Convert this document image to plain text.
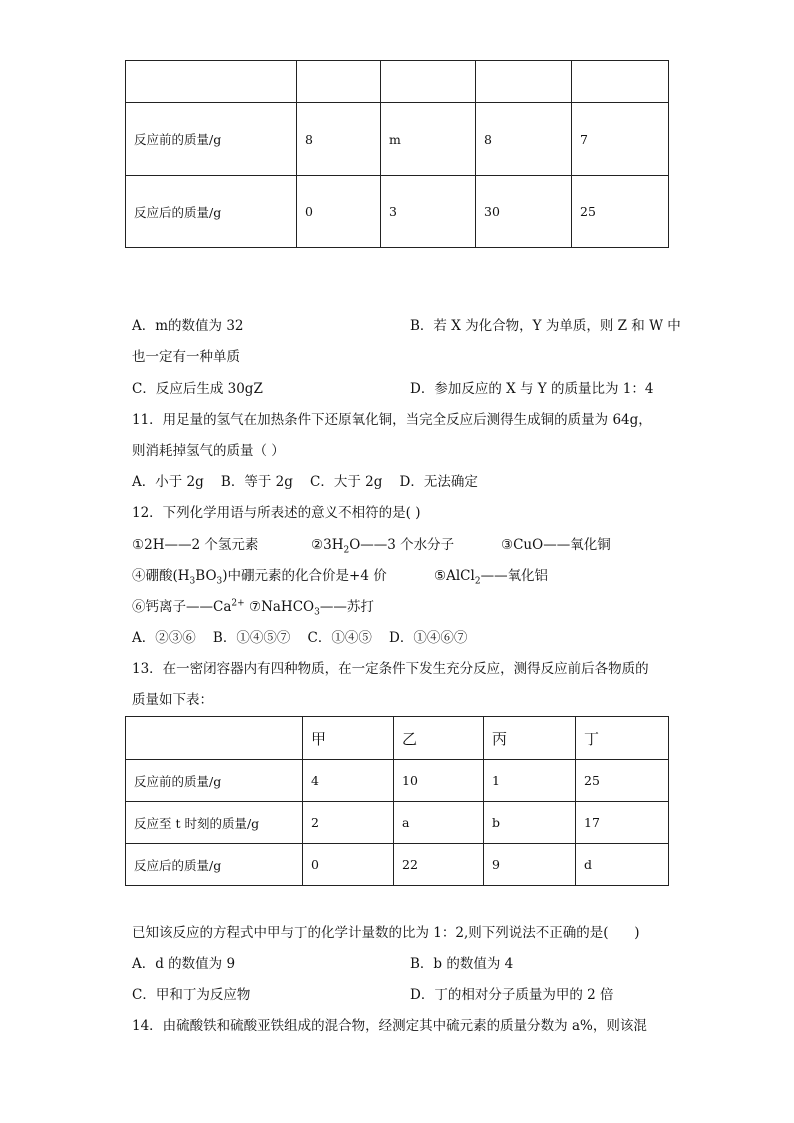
反应前的质量/g	8	m	8	7
反应后的质量/g	0	3	30	25
A．m的数值为 32	B．若 X 为化合物，Y 为单质，则 Z 和 W 中
也一定有一种单质
C．反应后生成 30gZ	D．参加反应的 X 与 Y 的质量比为 1：4
11．用足量的氢气在加热条件下还原氧化铜，当完全反应后测得生成铜的质量为 64g，
则消耗掉氢气的质量（ ）
A．小于 2g    B．等于 2g    C．大于 2g    D．无法确定
12．下列化学用语与所表述的意义不相符的是( )
①2H——2 个氢元素	$②3H_2O——3$ 个水分子	③CuO——氧化铜
④硼酸$(H_3BO_3)$中硼元素的化合价是+4 价	⑤AlCl$_2$——氧化铝
⑥钙离子$——Ca^{2+}$ ⑦NaHCO$_3$——苏打
A．②③⑥    B．①④⑤⑦    C．①④⑤    D．①④⑥⑦
13．在一密闭容器内有四种物质，在一定条件下发生充分反应，测得反应前后各物质的
质量如下表：
	甲	乙	丙	丁
反应前的质量/g	4	10	1	25
反应至 t 时刻的质量/g	2	a	b	17
反应后的质量/g	0	22	9	d
已知该反应的方程式中甲与丁的化学计量数的比为 1：2,则下列说法不正确的是(      )
A．d 的数值为 9	B．b 的数值为 4
C．甲和丁为反应物	D．丁的相对分子质量为甲的 2 倍
14．由硫酸铁和硫酸亚铁组成的混合物，经测定其中硫元素的质量分数为 a%，则该混
